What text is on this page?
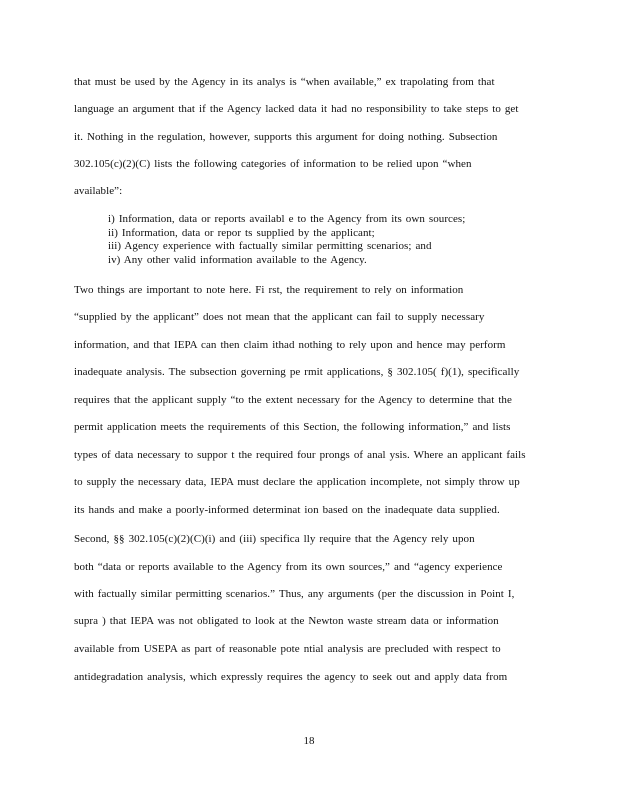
that must be used by the Agency in its analys is “when available,” ex trapolating from that
language an argument that if the Agency lacked data it had no responsibility to take steps to get
it. Nothing in the regulation, however, supports this argument for doing nothing. Subsection
302.105(c)(2)(C) lists the following categories of information to be relied upon “when
available”:
i) Information, data or reports availabl e to the Agency from its own sources;
ii) Information, data or repor ts supplied by the applicant;
iii) Agency experience with factually similar permitting scenarios; and
iv) Any other valid information available to the Agency.
Two things are important to note here. Fi rst, the requirement to rely on information
“supplied by the applicant” does not mean that the applicant can fail to supply necessary
information, and that IEPA can then claim ithad nothing to rely upon and hence may perform
inadequate analysis. The subsection governing pe rmit applications, § 302.105( f)(1), specifically
requires that the applicant supply “to the extent necessary for the Agency to determine that the
permit application meets the requirements of this Section, the following information,” and lists
types of data necessary to suppor t the required four prongs of anal ysis. Where an applicant fails
to supply the necessary data, IEPA must declare the application incomplete, not simply throw up
its hands and make a poorly-informed determinat ion based on the inadequate data supplied.
Second, §§ 302.105(c)(2)(C)(i) and (iii) specifica lly require that the Agency rely upon
both “data or reports available to the Agency from its own sources,” and “agency experience
with factually similar permitting scenarios.” Thus, any arguments (per the discussion in Point I,
supra ) that IEPA was not obligated to look at the Newton waste stream data or information
available from USEPA as part of reasonable pote ntial analysis are precluded with respect to
antidegradation analysis, which expressly requires the agency to seek out and apply data from
18
